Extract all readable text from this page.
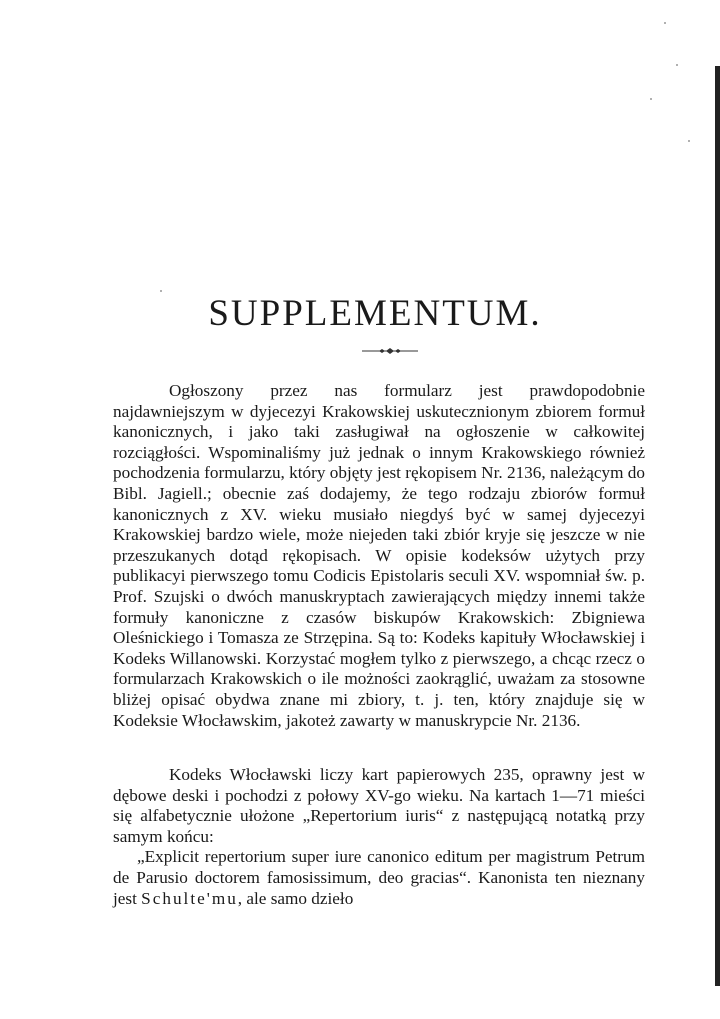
SUPPLEMENTUM.

Ogłoszony przez nas formularz jest prawdopodobnie najdawniejszym w dyjecezyi Krakowskiej uskutecznionym zbiorem formuł kanonicznych, i jako taki zasługiwał na ogłoszenie w całkowitej rozciągłości. Wspominaliśmy już jednak o innym Krakowskiego również pochodzenia formularzu, który objęty jest rękopisem Nr. 2136, należącym do Bibl. Jagiell.; obecnie zaś dodajemy, że tego rodzaju zbiorów formuł kanonicznych z XV. wieku musiało niegdyś być w samej dyjecezyi Krakowskiej bardzo wiele, może niejeden taki zbiór kryje się jeszcze w nie przeszukanych dotąd rękopisach. W opisie kodeksów użytych przy publikacyi pierwszego tomu Codicis Epistolaris seculi XV. wspomniał św. p. Prof. Szujski o dwóch manuskryptach zawierających między innemi także formuły kanoniczne z czasów biskupów Krakowskich: Zbigniewa Oleśnickiego i Tomasza ze Strzępina. Są to: Kodeks kapituły Włocławskiej i Kodeks Willanowski. Korzystać mogłem tylko z pierwszego, a chcąc rzecz o formularzach Krakowskich o ile możności zaokrąglić, uważam za stosowne bliżej opisać obydwa znane mi zbiory, t. j. ten, który znajduje się w Kodeksie Włocławskim, jakoteż zawarty w manuskrypcie Nr. 2136.

Kodeks Włocławski liczy kart papierowych 235, oprawny jest w dębowe deski i pochodzi z połowy XV-go wieku. Na kartach 1—71 mieści się alfabetycznie ułożone „Repertorium iuris“ z następującą notatką przy samym końcu:

„Explicit repertorium super iure canonico editum per magistrum Petrum de Parusio doctorem famosissimum, deo gracias“. Kanonista ten nieznany jest Schulte'mu, ale samo dzieło
